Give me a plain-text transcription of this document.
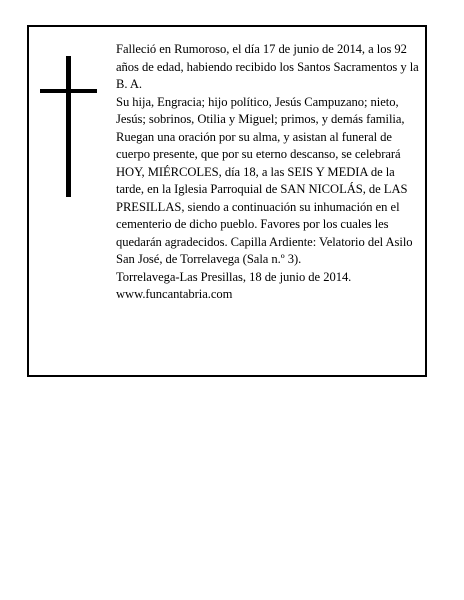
Falleció en Rumoroso, el día 17 de junio de 2014, a los 92 años de edad, habiendo recibido los Santos Sacramentos y la B. A.

Su hija, Engracia; hijo político, Jesús Campuzano; nieto, Jesús; sobrinos, Otilia y Miguel; primos, y demás familia,

Ruegan una oración por su alma, y asistan al funeral de cuerpo presente, que por su eterno descanso, se celebrará HOY, MIÉRCOLES, día 18, a las SEIS Y MEDIA de la tarde, en la Iglesia Parroquial de SAN NICOLÁS, de LAS PRESILLAS, siendo a continuación su inhumación en el cementerio de dicho pueblo. Favores por los cuales les quedarán agradecidos. Capilla Ardiente: Velatorio del Asilo San José, de Torrelavega (Sala n.º 3).

Torrelavega-Las Presillas, 18 de junio de 2014.

www.funcantabria.com
